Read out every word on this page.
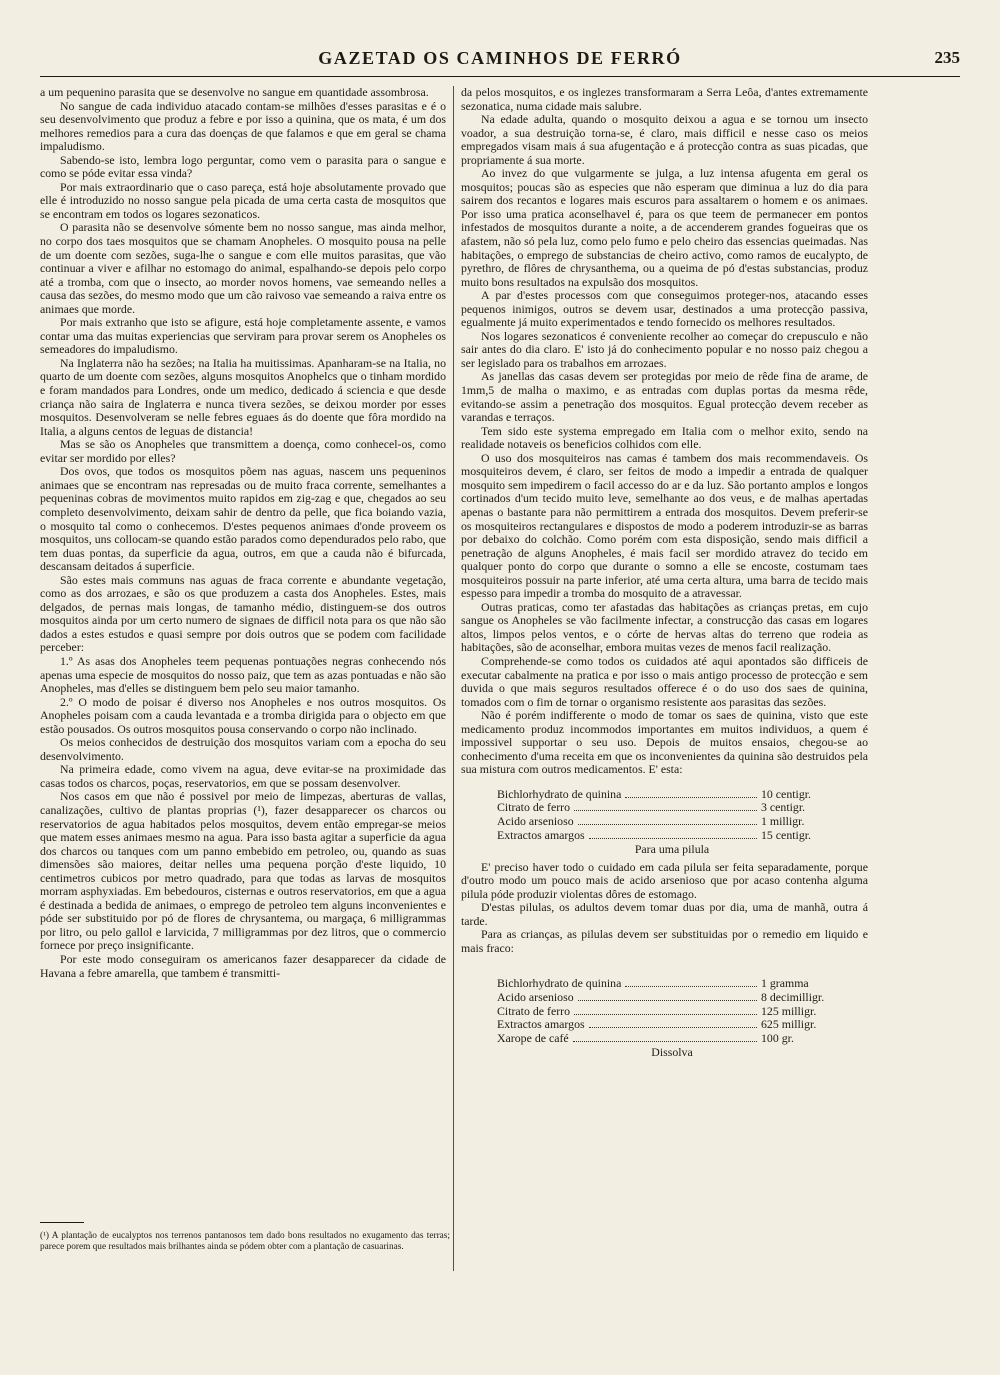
GAZETAD OS CAMINHOS DE FERRÓ	235

a um pequenino parasita que se desenvolve no sangue em quantidade assombrosa.

No sangue de cada individuo atacado contam-se milhões d'esses parasitas e é o seu desenvolvimento que produz a febre e por isso a quinina, que os mata, é um dos melhores remedios para a cura das doenças de que falamos e que em geral se chama impaludismo.

Sabendo-se isto, lembra logo perguntar, como vem o parasita para o sangue e como se póde evitar essa vinda?

Por mais extraordinario que o caso pareça, está hoje absolutamente provado que elle é introduzido no nosso sangue pela picada de uma certa casta de mosquitos que se encontram em todos os logares sezonaticos.

O parasita não se desenvolve sómente bem no nosso sangue, mas ainda melhor, no corpo dos taes mosquitos que se chamam Anopheles. O mosquito pousa na pelle de um doente com sezões, suga-lhe o sangue e com elle muitos parasitas, que vão continuar a viver e afilhar no estomago do animal, espalhando-se depois pelo corpo até a tromba, com que o insecto, ao morder novos homens, vae semeando nelles a causa das sezões, do mesmo modo que um cão raivoso vae semeando a raiva entre os animaes que morde.

Por mais extranho que isto se afigure, está hoje completamente assente, e vamos contar uma das muitas experiencias que serviram para provar serem os Anopheles os semeadores do impaludismo.

Na Inglaterra não ha sezões; na Italia ha muitissimas. Apanharam-se na Italia, no quarto de um doente com sezões, alguns mosquitos Anophelcs que o tinham mordido e foram mandados para Londres, onde um medico, dedicado á sciencia e que desde criança não saira de Inglaterra e nunca tivera sezões, se deixou morder por esses mosquitos. Desenvolveram se nelle febres eguaes ás do doente que fôra mordido na Italia, a alguns centos de leguas de distancia!

Mas se são os Anopheles que transmittem a doença, como conhecel-os, como evitar ser mordido por elles?

Dos ovos, que todos os mosquitos põem nas aguas, nascem uns pequeninos animaes que se encontram nas represadas ou de muito fraca corrente, semelhantes a pequeninas cobras de movimentos muito rapidos em zig-zag e que, chegados ao seu completo desenvolvimento, deixam sahir de dentro da pelle, que fica boiando vazia, o mosquito tal como o conhecemos. D'estes pequenos animaes d'onde proveem os mosquitos, uns collocam-se quando estão parados como dependurados pelo rabo, que tem duas pontas, da superficie da agua, outros, em que a cauda não é bifurcada, descansam deitados á superficie.

São estes mais communs nas aguas de fraca corrente e abundante vegetação, como as dos arrozaes, e são os que produzem a casta dos Anopheles. Estes, mais delgados, de pernas mais longas, de tamanho médio, distinguem-se dos outros mosquitos ainda por um certo numero de signaes de difficil nota para os que não são dados a estes estudos e quasi sempre por dois outros que se podem com facilidade perceber:

1.º As asas dos Anopheles teem pequenas pontuações negras conhecendo nós apenas uma especie de mosquitos do nosso paiz, que tem as azas pontuadas e não são Anopheles, mas d'elles se distinguem bem pelo seu maior tamanho.

2.º O modo de poisar é diverso nos Anopheles e nos outros mosquitos. Os Anopheles poisam com a cauda levantada e a tromba dirigida para o objecto em que estão pousados. Os outros mosquitos pousa conservando o corpo não inclinado.

Os meios conhecidos de destruição dos mosquitos variam com a epocha do seu desenvolvimento.

Na primeira edade, como vivem na agua, deve evitar-se na proximidade das casas todos os charcos, poças, reservatorios, em que se possam desenvolver.

Nos casos em que não é possivel por meio de limpezas, aberturas de vallas, canalizações, cultivo de plantas proprias (¹), fazer desapparecer os charcos ou reservatorios de agua habitados pelos mosquitos, devem então empregar-se meios que matem esses animaes mesmo na agua. Para isso basta agitar a superficie da agua dos charcos ou tanques com um panno embebido em petroleo, ou, quando as suas dimensões são maiores, deitar nelles uma pequena porção d'este liquido, 10 centimetros cubicos por metro quadrado, para que todas as larvas de mosquitos morram asphyxiadas. Em bebedouros, cisternas e outros reservatorios, em que a agua é destinada a bedida de animaes, o emprego de petroleo tem alguns inconvenientes e póde ser substituido por pó de flores de chrysantema, ou margaça, 6 milligrammas por litro, ou pelo gallol e larvicida, 7 milligrammas por dez litros, que o commercio fornece por preço insignificante.

Por este modo conseguiram os americanos fazer desapparecer da cidade de Havana a febre amarella, que tambem é transmitti-

da pelos mosquitos, e os inglezes transformaram a Serra Leôa, d'antes extremamente sezonatica, numa cidade mais salubre.

Na edade adulta, quando o mosquito deixou a agua e se tornou um insecto voador, a sua destruição torna-se, é claro, mais difficil e nesse caso os meios empregados visam mais á sua afugentação e á protecção contra as suas picadas, que propriamente á sua morte.

Ao invez do que vulgarmente se julga, a luz intensa afugenta em geral os mosquitos; poucas são as especies que não esperam que diminua a luz do dia para sairem dos recantos e logares mais escuros para assaltarem o homem e os animaes. Por isso uma pratica aconselhavel é, para os que teem de permanecer em pontos infestados de mosquitos durante a noite, a de accenderem grandes fogueiras que os afastem, não só pela luz, como pelo fumo e pelo cheiro das essencias queimadas. Nas habitações, o emprego de substancias de cheiro activo, como ramos de eucalypto, de pyrethro, de flôres de chrysanthema, ou a queima de pó d'estas substancias, produz muito bons resultados na expulsão dos mosquitos.

A par d'estes processos com que conseguimos proteger-nos, atacando esses pequenos inimigos, outros se devem usar, destinados a uma protecção passiva, egualmente já muito experimentados e tendo fornecido os melhores resultados.

Nos logares sezonaticos é conveniente recolher ao começar do crepusculo e não sair antes do dia claro. E' isto já do conhecimento popular e no nosso paiz chegou a ser legislado para os trabalhos em arrozaes.

As janellas das casas devem ser protegidas por meio de rêde fina de arame, de 1mm,5 de malha o maximo, e as entradas com duplas portas da mesma rêde, evitando-se assim a penetração dos mosquitos. Egual protecção devem receber as varandas e terraços.

Tem sido este systema empregado em Italia com o melhor exito, sendo na realidade notaveis os beneficios colhidos com elle.

O uso dos mosquiteiros nas camas é tambem dos mais recommendaveis. Os mosquiteiros devem, é claro, ser feitos de modo a impedir a entrada de qualquer mosquito sem impedirem o facil accesso do ar e da luz. São portanto amplos e longos cortinados d'um tecido muito leve, semelhante ao dos veus, e de malhas apertadas apenas o bastante para não permittirem a entrada dos mosquitos. Devem preferir-se os mosquiteiros rectangulares e dispostos de modo a poderem introduzir-se as barras por debaixo do colchão. Como porém com esta disposição, sendo mais difficil a penetração de alguns Anopheles, é mais facil ser mordido atravez do tecido em qualquer ponto do corpo que durante o somno a elle se encoste, costumam taes mosquiteiros possuir na parte inferior, até uma certa altura, uma barra de tecido mais espesso para impedir a tromba do mosquito de a atravessar.

Outras praticas, como ter afastadas das habitações as crianças pretas, em cujo sangue os Anopheles se vão facilmente infectar, a construcção das casas em logares altos, limpos pelos ventos, e o córte de hervas altas do terreno que rodeia as habitações, são de aconselhar, embora muitas vezes de menos facil realização.

Comprehende-se como todos os cuidados até aqui apontados são difficeis de executar cabalmente na pratica e por isso o mais antigo processo de protecção e sem duvida o que mais seguros resultados offerece é o do uso dos saes de quinina, tomados com o fim de tornar o organismo resistente aos parasitas das sezões.

Não é porém indifferente o modo de tomar os saes de quinina, visto que este medicamento produz incommodos importantes em muitos individuos, a quem é impossivel supportar o seu uso. Depois de muitos ensaios, chegou-se ao conhecimento d'uma receita em que os inconvenientes da quinina são destruidos pela sua mistura com outros medicamentos. E' esta:

Bichlorhydrato de quinina	10 centigr.
Citrato de ferro	3 centigr.
Acido arsenioso	1 milligr.
Extractos amargos	15 centigr.
Para uma pilula

E' preciso haver todo o cuidado em cada pilula ser feita separadamente, porque d'outro modo um pouco mais de acido arsenioso que por acaso contenha alguma pilula póde produzir violentas dôres de estomago.

D'estas pilulas, os adultos devem tomar duas por dia, uma de manhã, outra á tarde.

Para as crianças, as pilulas devem ser substituidas por o remedio em liquido e mais fraco:

Bichlorhydrato de quinina	1 gramma
Acido arsenioso	8 decimilligr.
Citrato de ferro	125 milligr.
Extractos amargos	625 milligr.
Xarope de café	100 gr.
Dissolva
(¹) A plantação de eucalyptos nos terrenos pantanosos tem dado bons resultados no exugamento das terras; parece porem que resultados mais brilhantes ainda se pódem obter com a plantação de casuarinas.
